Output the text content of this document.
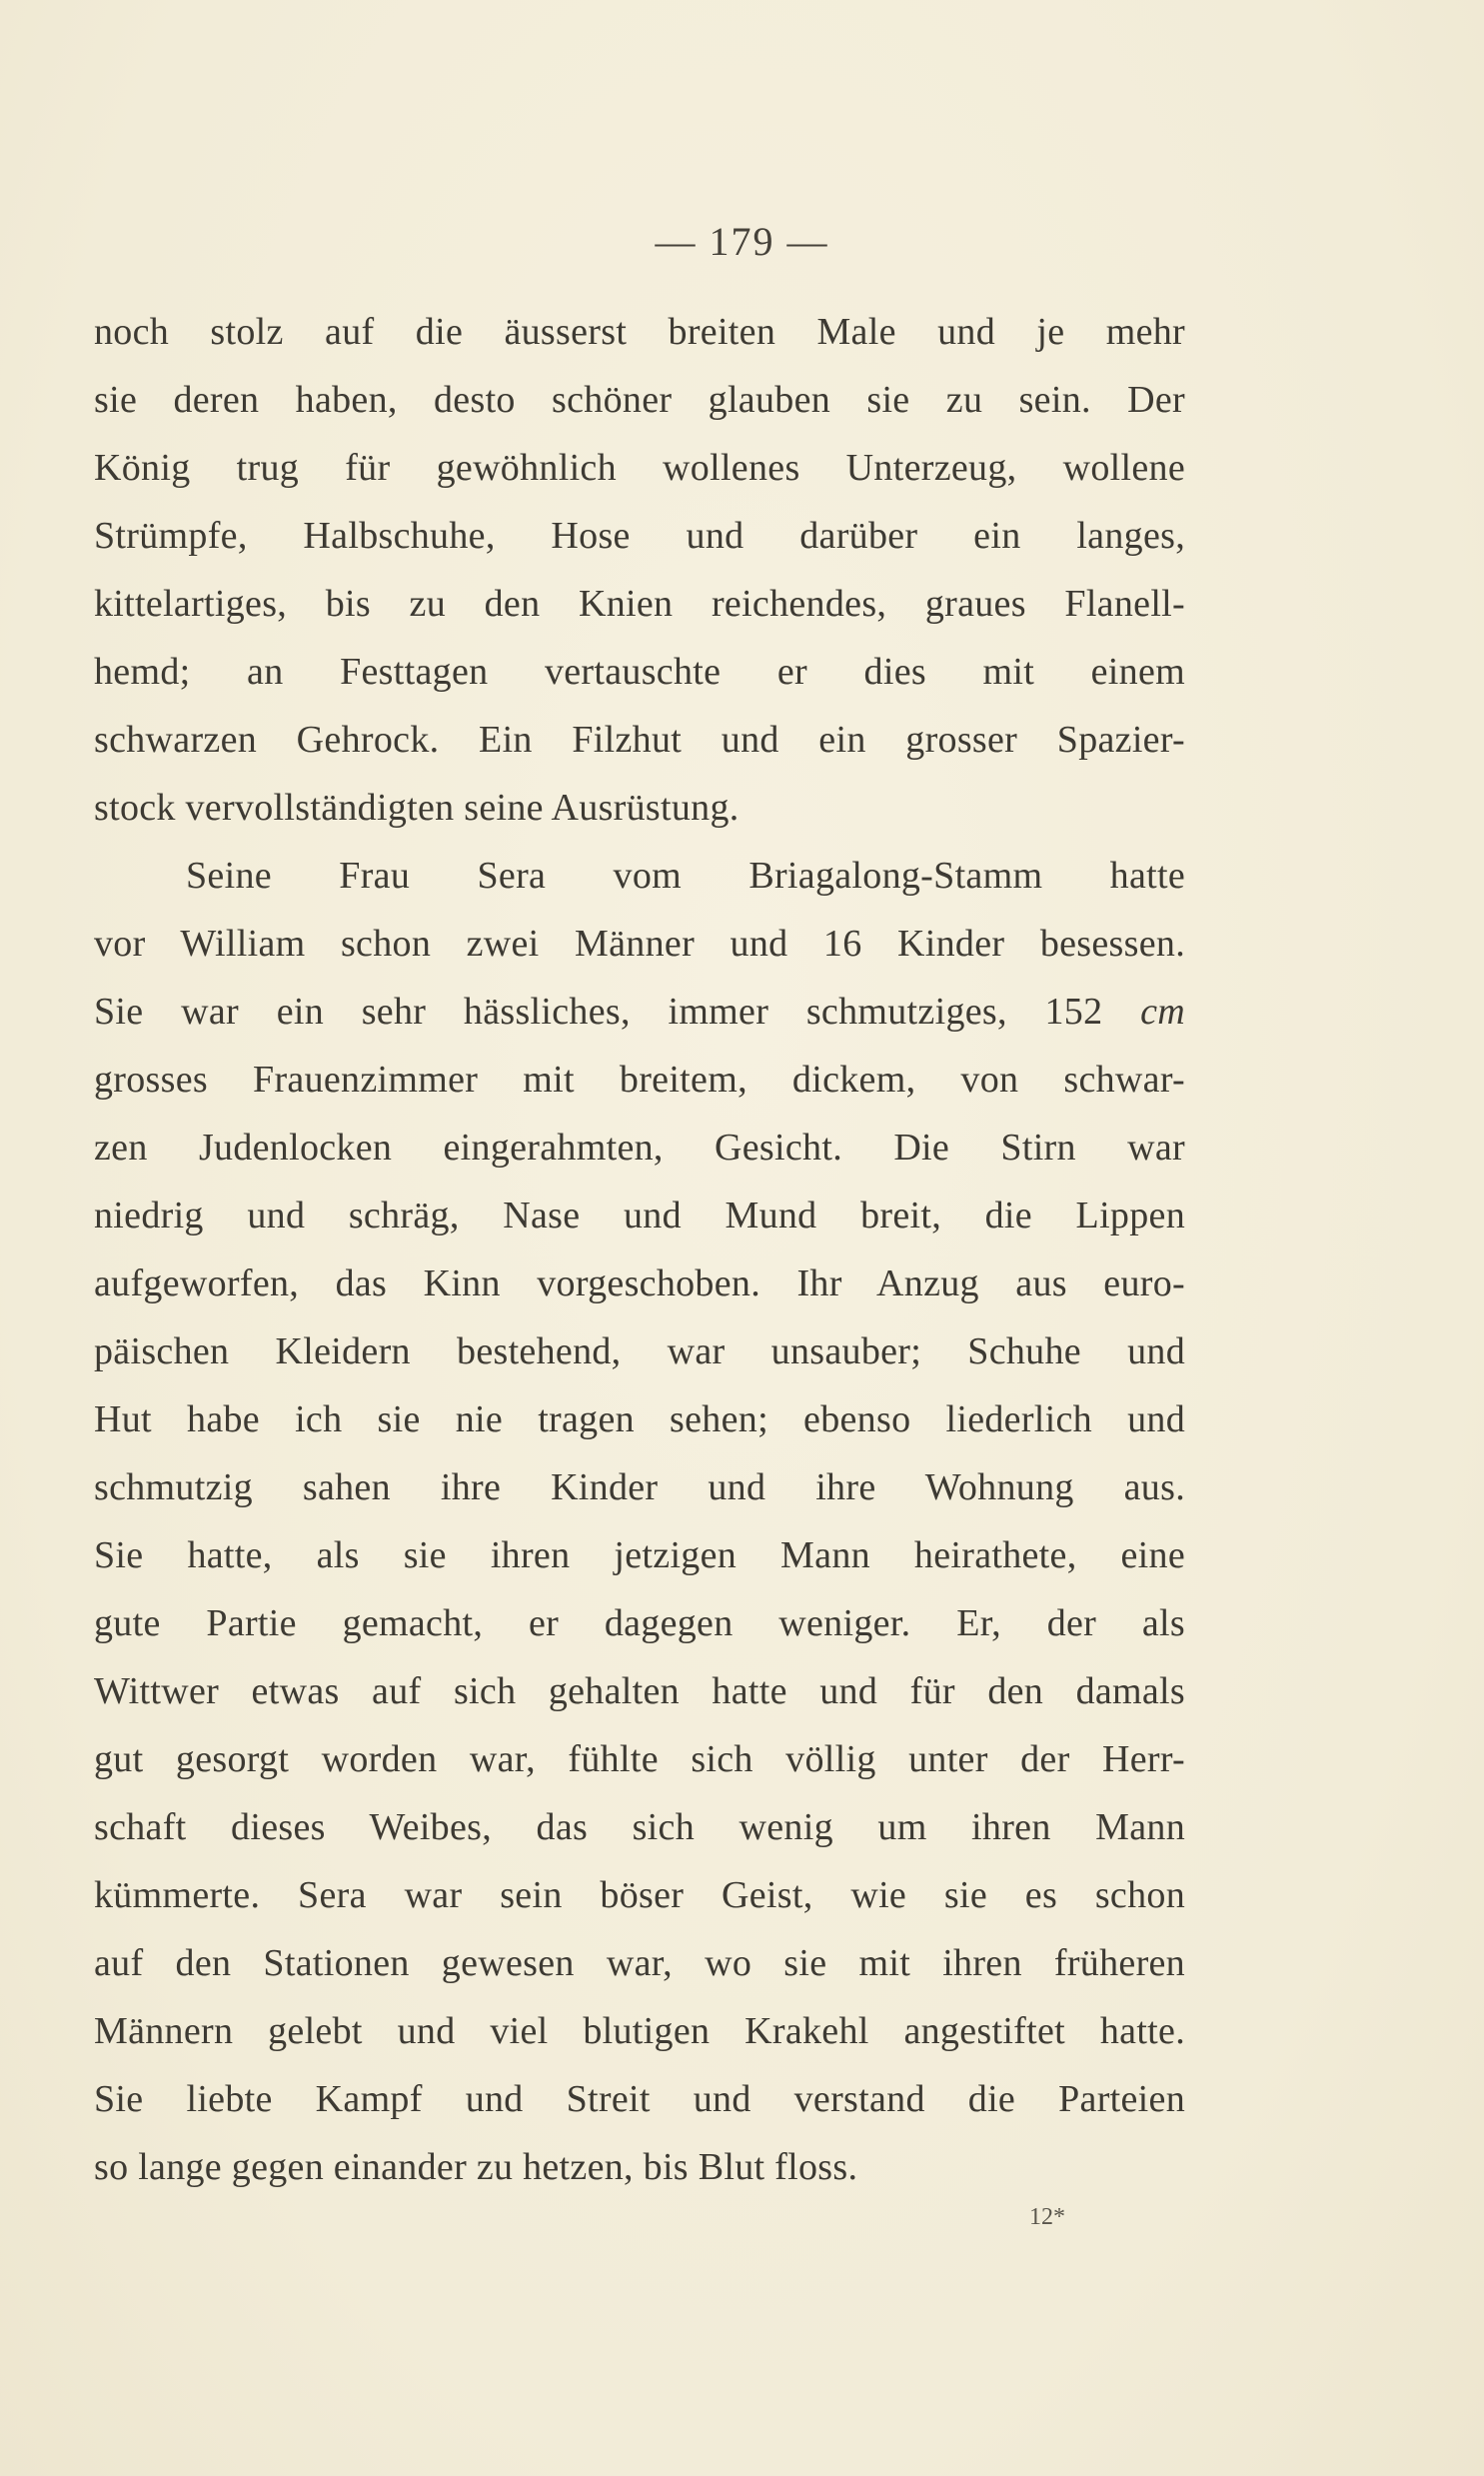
— 179 —
noch stolz auf die äusserst breiten Male und je mehr
sie deren haben, desto schöner glauben sie zu sein. Der
König trug für gewöhnlich wollenes Unterzeug, wollene
Strümpfe, Halbschuhe, Hose und darüber ein langes,
kittelartiges, bis zu den Knien reichendes, graues Flanell-
hemd; an Festtagen vertauschte er dies mit einem
schwarzen Gehrock. Ein Filzhut und ein grosser Spazier-
stock vervollständigten seine Ausrüstung.
Seine Frau Sera vom Briagalong-Stamm hatte
vor William schon zwei Männer und 16 Kinder besessen.
Sie war ein sehr hässliches, immer schmutziges, 152 cm
grosses Frauenzimmer mit breitem, dickem, von schwar-
zen Judenlocken eingerahmten, Gesicht. Die Stirn war
niedrig und schräg, Nase und Mund breit, die Lippen
aufgeworfen, das Kinn vorgeschoben. Ihr Anzug aus euro-
päischen Kleidern bestehend, war unsauber; Schuhe und
Hut habe ich sie nie tragen sehen; ebenso liederlich und
schmutzig sahen ihre Kinder und ihre Wohnung aus.
Sie hatte, als sie ihren jetzigen Mann heirathete, eine
gute Partie gemacht, er dagegen weniger. Er, der als
Wittwer etwas auf sich gehalten hatte und für den damals
gut gesorgt worden war, fühlte sich völlig unter der Herr-
schaft dieses Weibes, das sich wenig um ihren Mann
kümmerte. Sera war sein böser Geist, wie sie es schon
auf den Stationen gewesen war, wo sie mit ihren früheren
Männern gelebt und viel blutigen Krakehl angestiftet hatte.
Sie liebte Kampf und Streit und verstand die Parteien
so lange gegen einander zu hetzen, bis Blut floss.
12*
